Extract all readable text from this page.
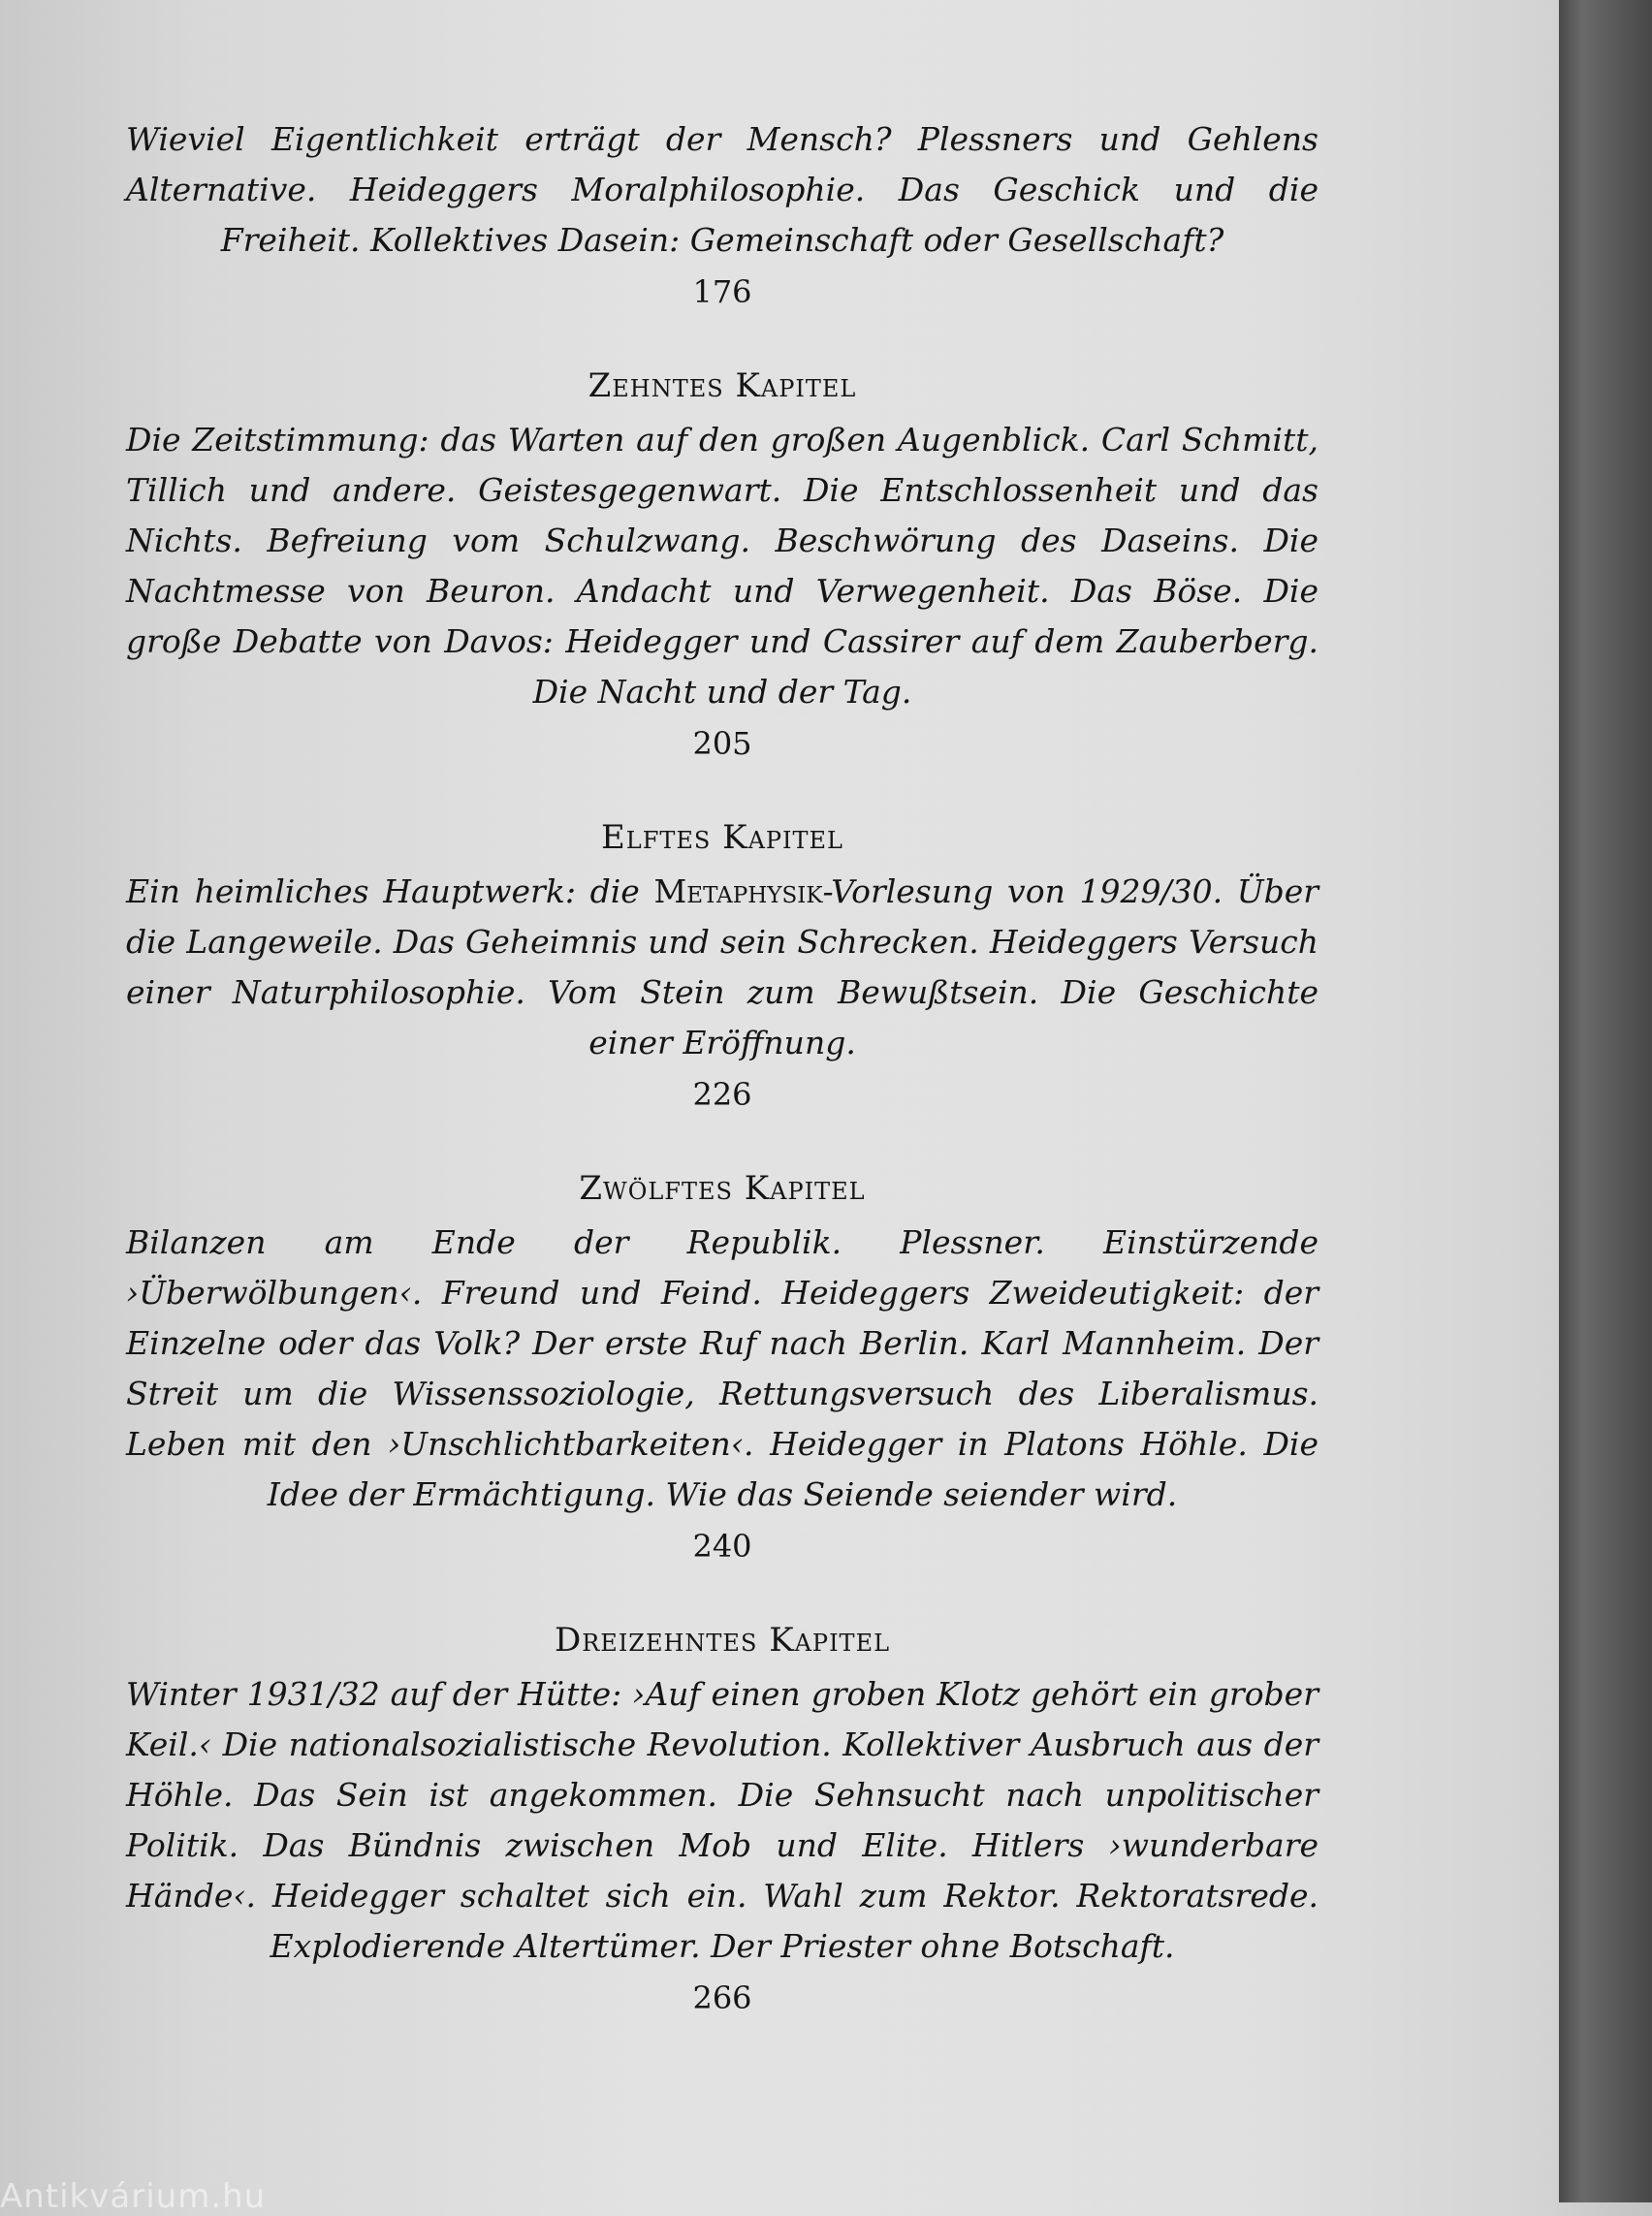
Wieviel Eigentlichkeit erträgt der Mensch? Plessners und Gehlens Alternative. Heideggers Moralphilosophie. Das Geschick und die Freiheit. Kollektives Dasein: Gemeinschaft oder Gesellschaft?

176

Zehntes Kapitel

Die Zeitstimmung: das Warten auf den großen Augenblick. Carl Schmitt, Tillich und andere. Geistesgegenwart. Die Entschlossenheit und das Nichts. Befreiung vom Schulzwang. Beschwörung des Daseins. Die Nachtmesse von Beuron. Andacht und Verwegenheit. Das Böse. Die große Debatte von Davos: Heidegger und Cassirer auf dem Zauberberg. Die Nacht und der Tag.

205

Elftes Kapitel

Ein heimliches Hauptwerk: die Metaphysik-Vorlesung von 1929/30. Über die Langeweile. Das Geheimnis und sein Schrecken. Heideggers Versuch einer Naturphilosophie. Vom Stein zum Bewußtsein. Die Geschichte einer Eröffnung.

226

Zwölftes Kapitel

Bilanzen am Ende der Republik. Plessner. Einstürzende ›Überwölbungen‹. Freund und Feind. Heideggers Zweideutigkeit: der Einzelne oder das Volk? Der erste Ruf nach Berlin. Karl Mannheim. Der Streit um die Wissenssoziologie, Rettungsversuch des Liberalismus. Leben mit den ›Unschlichtbarkeiten‹. Heidegger in Platons Höhle. Die Idee der Ermächtigung. Wie das Seiende seiender wird.

240

Dreizehntes Kapitel

Winter 1931/32 auf der Hütte: ›Auf einen groben Klotz gehört ein grober Keil.‹ Die nationalsozialistische Revolution. Kollektiver Ausbruch aus der Höhle. Das Sein ist angekommen. Die Sehnsucht nach unpolitischer Politik. Das Bündnis zwischen Mob und Elite. Hitlers ›wunderbare Hände‹. Heidegger schaltet sich ein. Wahl zum Rektor. Rektoratsrede. Explodierende Altertümer. Der Priester ohne Botschaft.

266

Antikvárium.hu
